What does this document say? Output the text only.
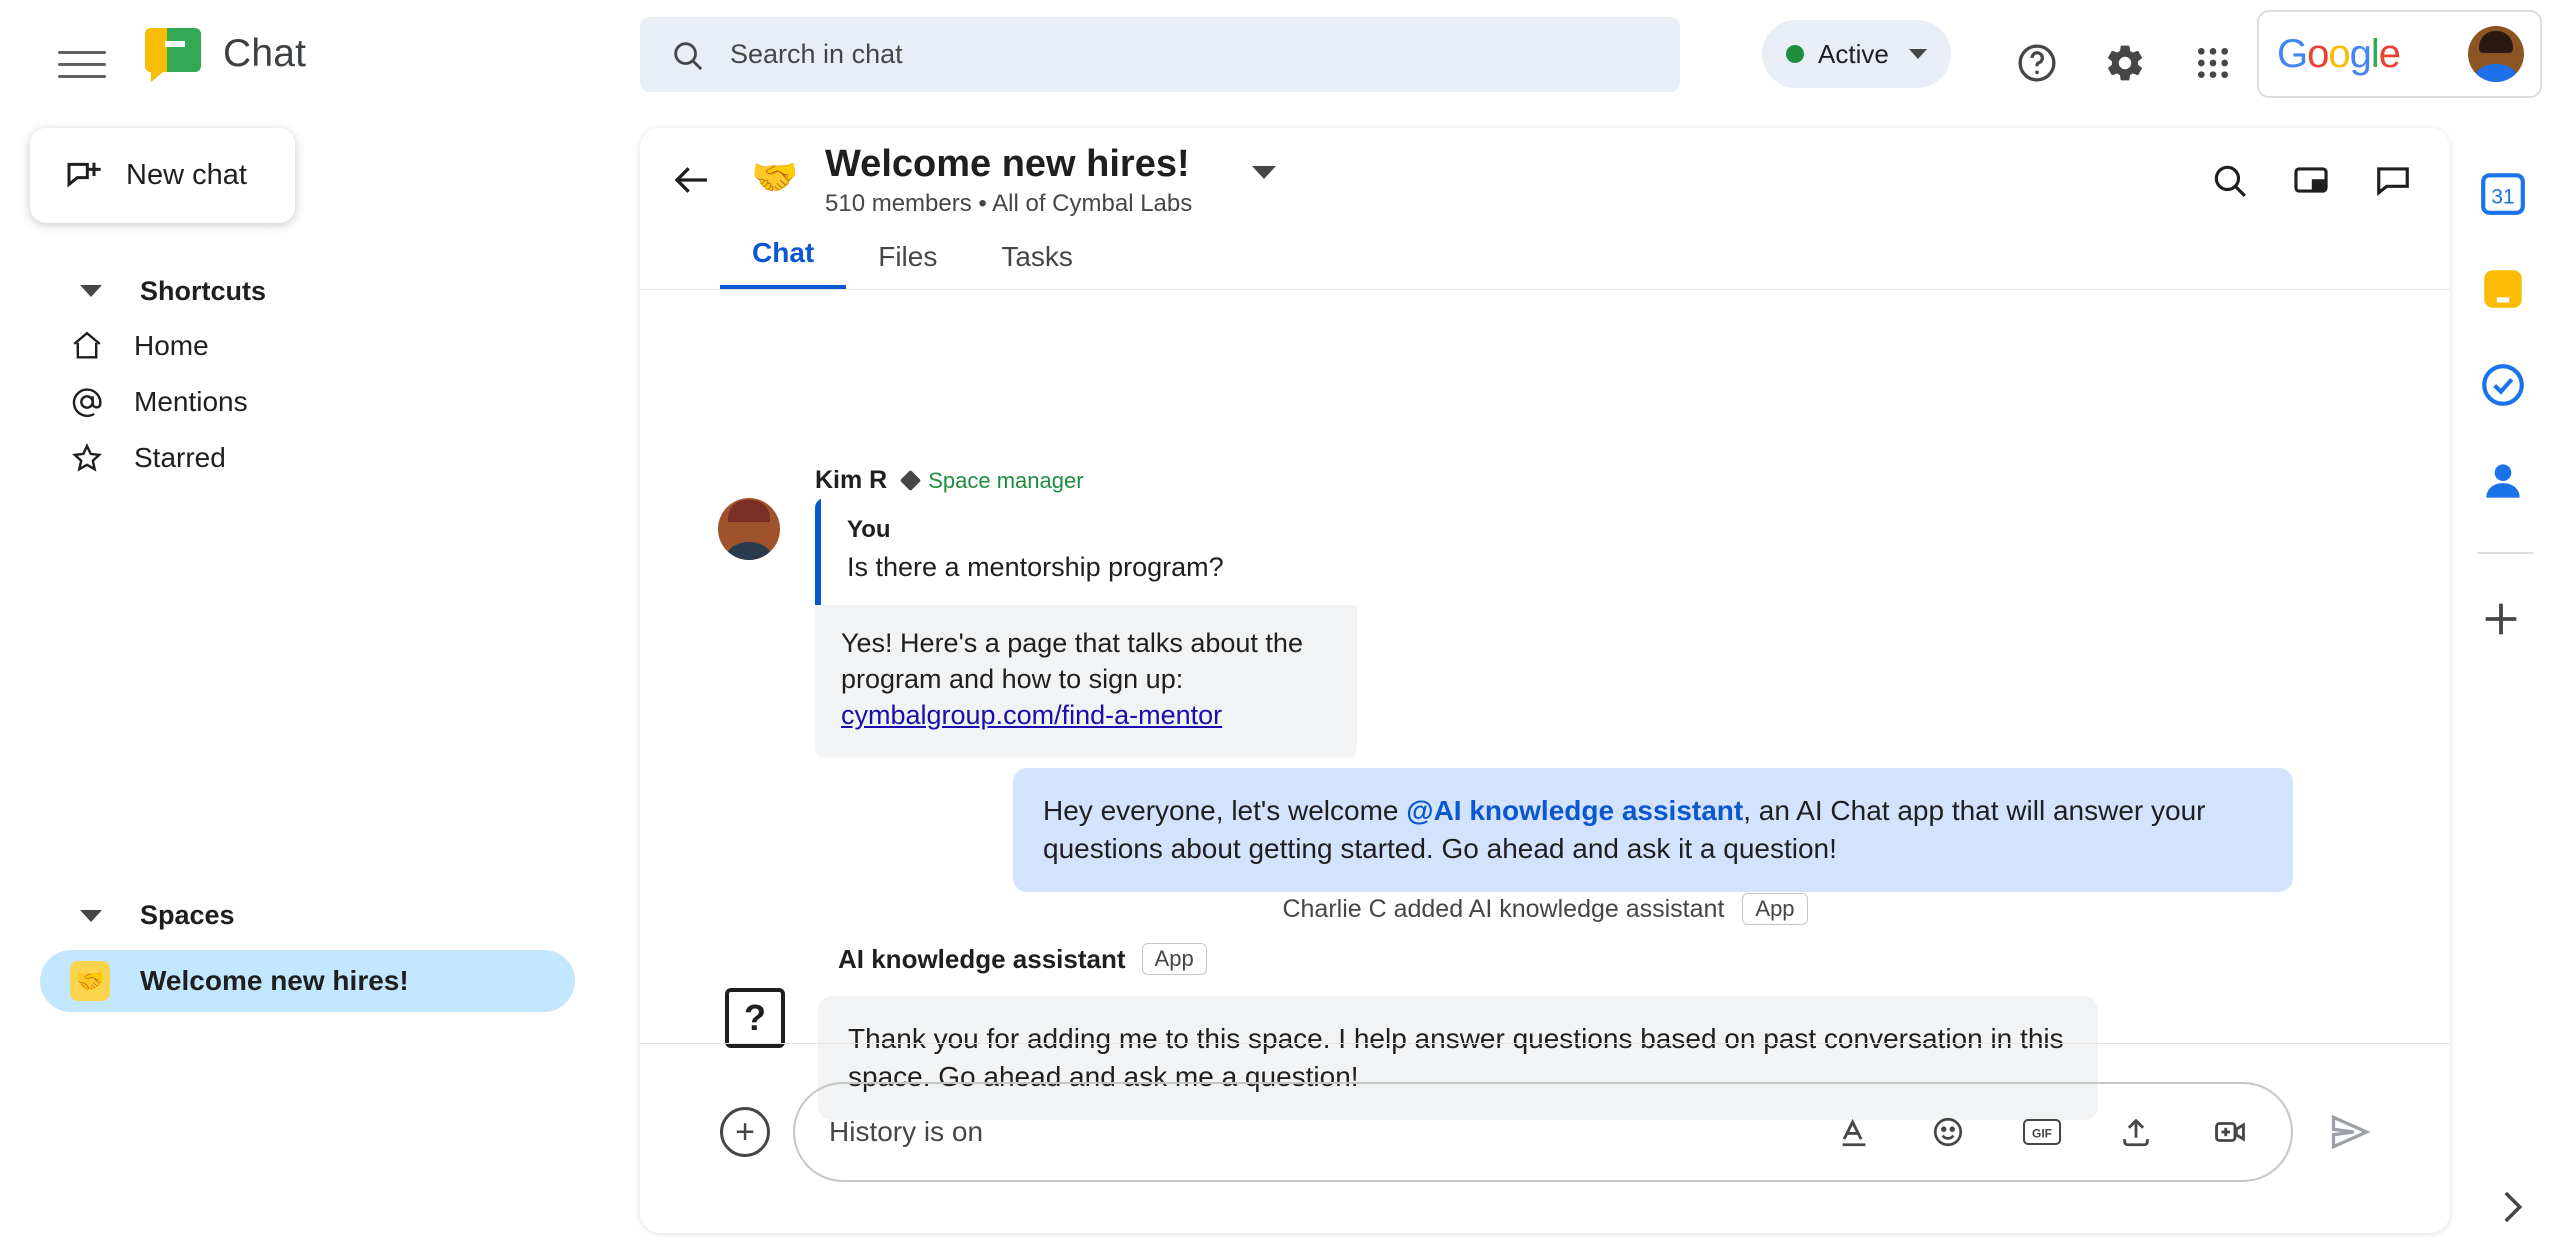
Chat	Search in chat	Active	Google
New chat
Shortcuts
Home
Mentions
Starred
Spaces
🤝 Welcome new hires!
🤝 Welcome new hires!
510 members • All of Cymbal Labs
Chat	Files	Tasks
Kim R Space manager
You
Is there a mentorship program?
Yes! Here's a page that talks about the program and how to sign up:
cymbalgroup.com/find-a-mentor
Hey everyone, let's welcome @AI knowledge assistant, an AI Chat app that will answer your questions about getting started. Go ahead and ask it a question!
Charlie C added AI knowledge assistant	App
AI knowledge assistant	App
?
Thank you for adding me to this space. I help answer questions based on past conversation in this space. Go ahead and ask me a question!
+	History is on	GIF
31
